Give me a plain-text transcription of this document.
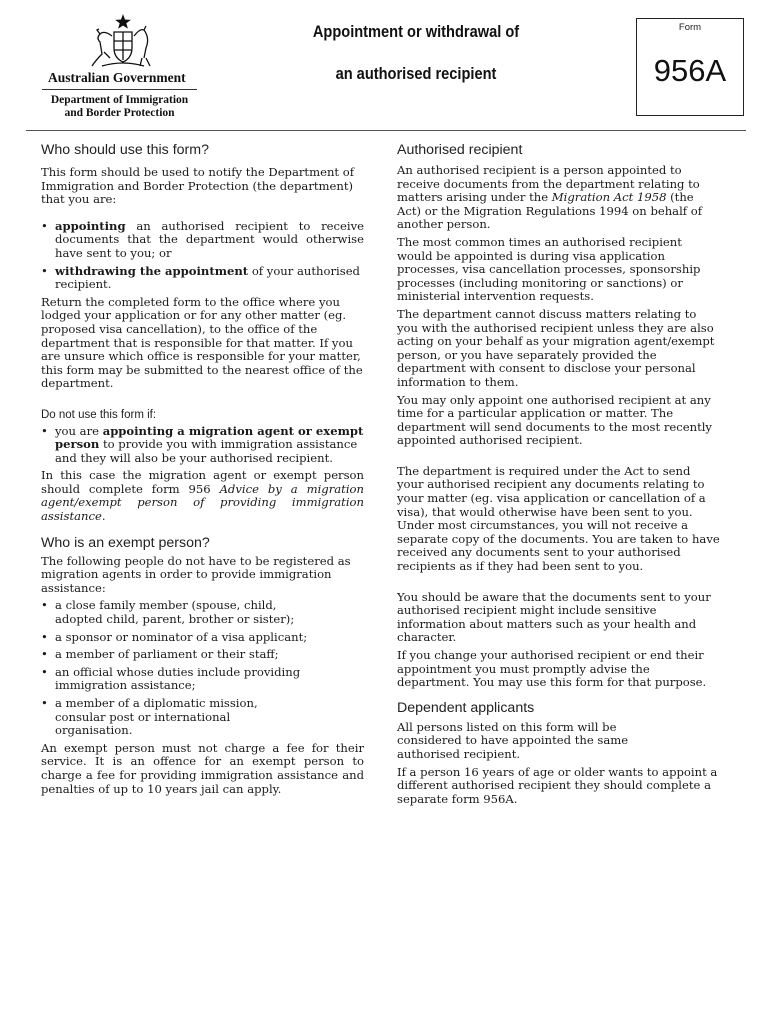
Australian Government
Department of Immigration
and Border Protection
Appointment or withdrawal of
an authorised recipient
Form
956A
Who should use this form?

This form should be used to notify the Department of Immigration and Border Protection (the department) that you are:

• appointing an authorised recipient to receive documents that the department would otherwise have sent to you; or
• withdrawing the appointment of your authorised recipient.

Return the completed form to the office where you lodged your application or for any other matter (eg. proposed visa cancellation), to the office of the department that is responsible for that matter. If you are unsure which office is responsible for your matter, this form may be submitted to the nearest office of the department.

Do not use this form if:
• you are appointing a migration agent or exempt person to provide you with immigration assistance and they will also be your authorised recipient.

In this case the migration agent or exempt person should complete form 956 Advice by a migration agent/exempt person of providing immigration assistance.

Who is an exempt person?

The following people do not have to be registered as migration agents in order to provide immigration assistance:

• a close family member (spouse, child, adopted child, parent, brother or sister);
• a sponsor or nominator of a visa applicant;
• a member of parliament or their staff;
• an official whose duties include providing immigration assistance;
• a member of a diplomatic mission, consular post or international organisation.

An exempt person must not charge a fee for their service. It is an offence for an exempt person to charge a fee for providing immigration assistance and penalties of up to 10 years jail can apply.

Authorised recipient

An authorised recipient is a person appointed to receive documents from the department relating to matters arising under the Migration Act 1958 (the Act) or the Migration Regulations 1994 on behalf of another person.

The most common times an authorised recipient would be appointed is during visa application processes, visa cancellation processes, sponsorship processes (including monitoring or sanctions) or ministerial intervention requests.

The department cannot discuss matters relating to you with the authorised recipient unless they are also acting on your behalf as your migration agent/exempt person, or you have separately provided the department with consent to disclose your personal information to them.

You may only appoint one authorised recipient at any time for a particular application or matter. The department will send documents to the most recently appointed authorised recipient.

The department is required under the Act to send your authorised recipient any documents relating to your matter (eg. visa application or cancellation of a visa), that would otherwise have been sent to you. Under most circumstances, you will not receive a separate copy of the documents. You are taken to have received any documents sent to your authorised recipients as if they had been sent to you.

You should be aware that the documents sent to your authorised recipient might include sensitive information about matters such as your health and character.

If you change your authorised recipient or end their appointment you must promptly advise the department. You may use this form for that purpose.

Dependent applicants

All persons listed on this form will be considered to have appointed the same authorised recipient.

If a person 16 years of age or older wants to appoint a different authorised recipient they should complete a separate form 956A.
